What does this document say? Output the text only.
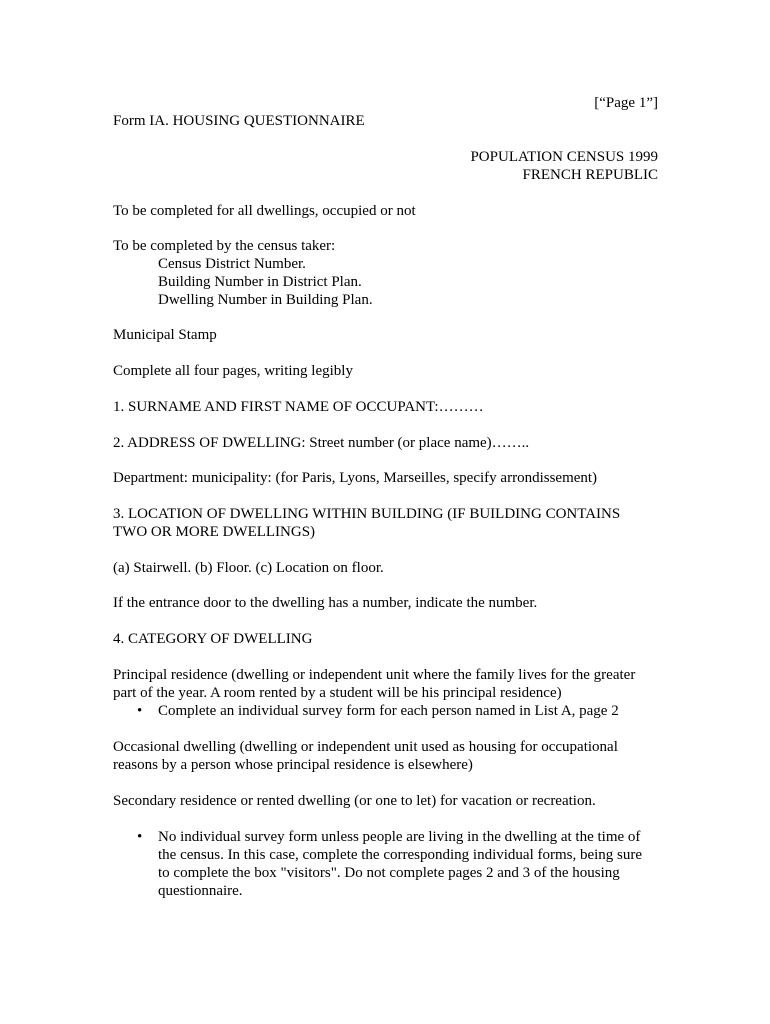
[“Page 1”]
Form IA. HOUSING QUESTIONNAIRE
POPULATION CENSUS 1999
FRENCH REPUBLIC
To be completed for all dwellings, occupied or not
To be completed by the census taker:
Census District Number.
Building Number in District Plan.
Dwelling Number in Building Plan.
Municipal Stamp
Complete all four pages, writing legibly
1. SURNAME AND FIRST NAME OF OCCUPANT:………
2. ADDRESS OF DWELLING: Street number (or place name)……..
Department: municipality: (for Paris, Lyons, Marseilles, specify arrondissement)
3. LOCATION OF DWELLING WITHIN BUILDING (IF BUILDING CONTAINS
TWO OR MORE DWELLINGS)
(a) Stairwell. (b) Floor. (c) Location on floor.
If the entrance door to the dwelling has a number, indicate the number.
4. CATEGORY OF DWELLING
Principal residence (dwelling or independent unit where the family lives for the greater
part of the year. A room rented by a student will be his principal residence)
• Complete an individual survey form for each person named in List A, page 2
Occasional dwelling (dwelling or independent unit used as housing for occupational
reasons by a person whose principal residence is elsewhere)
Secondary residence or rented dwelling (or one to let) for vacation or recreation.
• No individual survey form unless people are living in the dwelling at the time of
the census. In this case, complete the corresponding individual forms, being sure
to complete the box "visitors". Do not complete pages 2 and 3 of the housing
questionnaire.
